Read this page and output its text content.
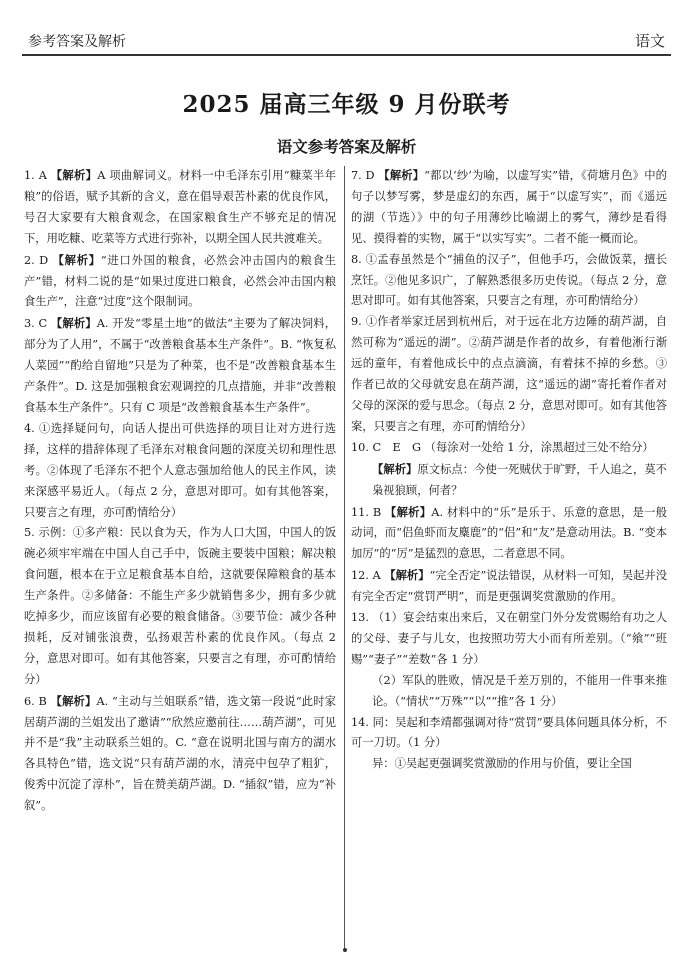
参考答案及解析	语文
2025 届高三年级 9 月份联考
语文参考答案及解析

1. A 【解析】A 项曲解词义。材料一中毛泽东引用“糠菜半年粮”的俗语，赋予其新的含义，意在倡导艰苦朴素的优良作风，号召大家要有大粮食观念，在国家粮食生产不够充足的情况下，用吃糠、吃菜等方式进行弥补，以期全国人民共渡难关。

2. D 【解析】“进口外国的粮食，必然会冲击国内的粮食生产”错，材料二说的是“如果过度进口粮食，必然会冲击国内粮食生产”，注意“过度”这个限制词。

3. C 【解析】A. 开发“零星土地”的做法“主要为了解决饲料，部分为了人用”，不属于“改善粮食基本生产条件”。B. “恢复私人菜园”“酌给自留地”只是为了种菜，也不是“改善粮食基本生产条件”。D. 这是加强粮食宏观调控的几点措施，并非“改善粮食基本生产条件”。只有 C 项是“改善粮食基本生产条件”。

4. ①选择疑问句，向话人提出可供选择的项目让对方进行选择，这样的措辞体现了毛泽东对粮食问题的深度关切和理性思考。②体现了毛泽东不把个人意志强加给他人的民主作风，读来深感平易近人。（每点 2 分，意思对即可。如有其他答案，只要言之有理，亦可酌情给分）

5. 示例：①多产粮：民以食为天，作为人口大国，中国人的饭碗必须牢牢端在中国人自己手中，饭碗主要装中国粮；解决粮食问题，根本在于立足粮食基本自给，这就要保障粮食的基本生产条件。②多储备：不能生产多少就销售多少，拥有多少就吃掉多少，而应该留有必要的粮食储备。③要节俭：减少各种损耗，反对铺张浪费，弘扬艰苦朴素的优良作风。（每点 2 分，意思对即可。如有其他答案，只要言之有理，亦可酌情给分）

6. B 【解析】A. “主动与兰姐联系”错，选文第一段说“此时家居葫芦湖的兰姐发出了邀请”“欣然应邀前往……葫芦湖”，可见并不是“我”主动联系兰姐的。C. “意在说明北国与南方的湖水各具特色”错，选文说“只有葫芦湖的水，清亮中包孕了粗犷，俊秀中沉淀了淳朴”，旨在赞美葫芦湖。D. “插叙”错，应为“补叙”。

7. D 【解析】“都以‘纱’为喻，以虚写实”错，《荷塘月色》中的句子以梦写雾，梦是虚幻的东西，属于“以虚写实”，而《遥远的湖（节选）》中的句子用薄纱比喻湖上的雾气，薄纱是看得见、摸得着的实物，属于“以实写实”。二者不能一概而论。

8. ①孟春虽然是个“捕鱼的汉子”，但他手巧，会做饭菜，擅长烹饪。②他见多识广，了解熟悉很多历史传说。（每点 2 分，意思对即可。如有其他答案，只要言之有理，亦可酌情给分）

9. ①作者举家迁居到杭州后，对于远在北方边陲的葫芦湖，自然可称为“遥远的湖”。②葫芦湖是作者的故乡，有着他淅行渐远的童年，有着他成长中的点点滴滴，有着抹不掉的乡愁。③作者已故的父母就安息在葫芦湖，这“遥远的湖”寄托着作者对父母的深深的爱与思念。（每点 2 分，意思对即可。如有其他答案，只要言之有理，亦可酌情给分）

10. C　E　G （每涂对一处给 1 分，涂黑超过三处不给分）

【解析】原文标点：今使一死贼伏于旷野，千人追之，莫不枭视狼顾，何者？

11. B 【解析】A. 材料中的“乐”是乐于、乐意的意思，是一般动词，而“侣鱼虾而友麋鹿”的“侣”和“友”是意动用法。B. “变本加厉”的“厉”是猛烈的意思，二者意思不同。

12. A 【解析】“完全否定”说法错误，从材料一可知，吴起并没有完全否定“赏罚严明”，而是更强调奖赏激励的作用。

13. （1）宴会结束出来后，又在朝堂门外分发赏赐给有功之人的父母、妻子与儿女，也按照功劳大小而有所差别。（“飨”“班赐”“妻子”“差数”各 1 分）

（2）军队的胜败，情况是千差万别的，不能用一件事来推论。（“情状”“万殊”“以”“推”各 1 分）

14. 同：吴起和李靖都强调对待“赏罚”要具体问题具体分析，不可一刀切。（1 分）

异：①吴起更强调奖赏激励的作用与价值，要让全国
